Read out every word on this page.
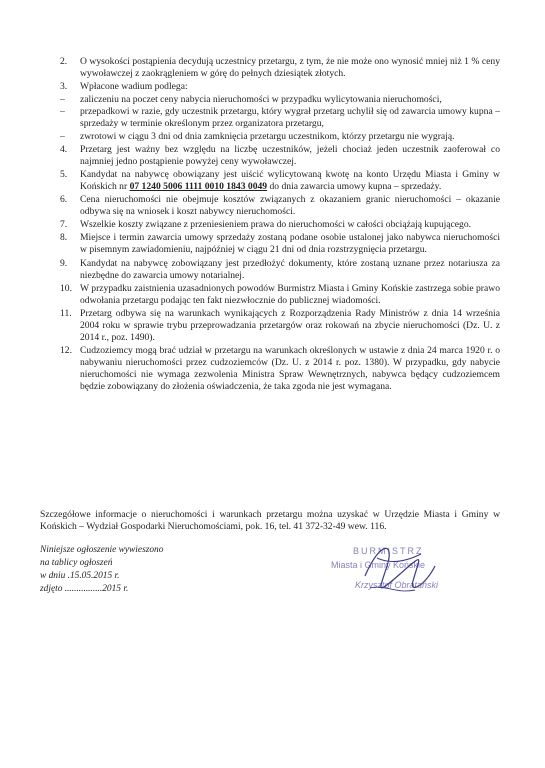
2. O wysokości postąpienia decydują uczestnicy przetargu, z tym, że nie może ono wynosić mniej niż 1 % ceny wywoławczej z zaokrągleniem w górę do pełnych dziesiątek złotych.
3. Wpłacone wadium podlega:
– zaliczeniu na poczet ceny nabycia nieruchomości w przypadku wylicytowania nieruchomości,
– przepadkowi w razie, gdy uczestnik przetargu, który wygrał przetarg uchylił się od zawarcia umowy kupna – sprzedaży w terminie określonym przez organizatora przetargu,
– zwrotowi w ciągu 3 dni od dnia zamknięcia przetargu uczestnikom, którzy przetargu nie wygrają.
4. Przetarg jest ważny bez względu na liczbę uczestników, jeżeli chociaż jeden uczestnik zaoferował co najmniej jedno postąpienie powyżej ceny wywoławczej.
5. Kandydat na nabywcę obowiązany jest uiścić wylicytowaną kwotę na konto Urzędu Miasta i Gminy w Końskich nr 07 1240 5006 1111 0010 1843 0049 do dnia zawarcia umowy kupna – sprzedaży.
6. Cena nieruchomości nie obejmuje kosztów związanych z okazaniem granic nieruchomości – okazanie odbywa się na wniosek i koszt nabywcy nieruchomości.
7. Wszelkie koszty związane z przeniesieniem prawa do nieruchomości w całości obciążają kupującego.
8. Miejsce i termin zawarcia umowy sprzedaży zostaną podane osobie ustalonej jako nabywca nieruchomości w pisemnym zawiadomieniu, najpóźniej w ciągu 21 dni od dnia rozstrzygnięcia przetargu.
9. Kandydat na nabywcę zobowiązany jest przedłożyć dokumenty, które zostaną uznane przez notariusza za niezbędne do zawarcia umowy notarialnej.
10. W przypadku zaistnienia uzasadnionych powodów Burmistrz Miasta i Gminy Końskie zastrzega sobie prawo odwołania przetargu podając ten fakt niezwłocznie do publicznej wiadomości.
11. Przetarg odbywa się na warunkach wynikających z Rozporządzenia Rady Ministrów z dnia 14 września 2004 roku w sprawie trybu przeprowadzania przetargów oraz rokowań na zbycie nieruchomości (Dz. U. z 2014 r., poz. 1490).
12. Cudzoziemcy mogą brać udział w przetargu na warunkach określonych w ustawie z dnia 24 marca 1920 r. o nabywaniu nieruchomości przez cudzoziemców (Dz. U. z 2014 r. poz. 1380). W przypadku, gdy nabycie nieruchomości nie wymaga zezwolenia Ministra Spraw Wewnętrznych, nabywca będący cudzoziemcem będzie zobowiązany do złożenia oświadczenia, że taka zgoda nie jest wymagana.
Szczegółowe informacje o nieruchomości i warunkach przetargu można uzyskać w Urzędzie Miasta i Gminy w Końskich – Wydział Gospodarki Nieruchomościami, pok. 16, tel. 41 372-32-49 wew. 116.
Niniejsze ogłoszenie wywieszono
na tablicy ogłoszeń
w dniu .15.05.2015 r.
zdjęto ................2015 r.
BURMISTRZ
Miasta i Gminy Końskie
Krzysztof Obratański
